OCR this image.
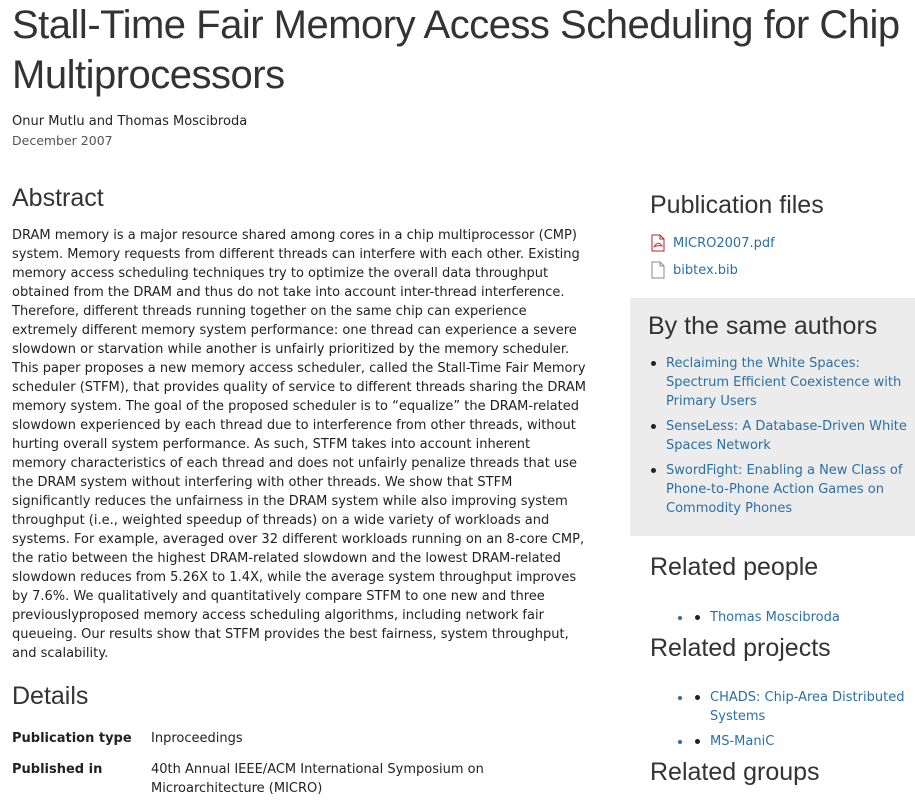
Stall-Time Fair Memory Access Scheduling for Chip Multiprocessors
Onur Mutlu and Thomas Moscibroda
December 2007
Abstract

DRAM memory is a major resource shared among cores in a chip multiprocessor (CMP) system. Memory requests from different threads can interfere with each other. Existing memory access scheduling techniques try to optimize the overall data throughput obtained from the DRAM and thus do not take into account inter-thread interference. Therefore, different threads running together on the same chip can experience extremely different memory system performance: one thread can experience a severe slowdown or starvation while another is unfairly prioritized by the memory scheduler. This paper proposes a new memory access scheduler, called the Stall-Time Fair Memory scheduler (STFM), that provides quality of service to different threads sharing the DRAM memory system. The goal of the proposed scheduler is to “equalize” the DRAM-related slowdown experienced by each thread due to interference from other threads, without hurting overall system performance. As such, STFM takes into account inherent memory characteristics of each thread and does not unfairly penalize threads that use the DRAM system without interfering with other threads. We show that STFM significantly reduces the unfairness in the DRAM system while also improving system throughput (i.e., weighted speedup of threads) on a wide variety of workloads and systems. For example, averaged over 32 different workloads running on an 8-core CMP, the ratio between the highest DRAM-related slowdown and the lowest DRAM-related slowdown reduces from 5.26X to 1.4X, while the average system throughput improves by 7.6%. We qualitatively and quantitatively compare STFM to one new and three previouslyproposed memory access scheduling algorithms, including network fair queueing. Our results show that STFM provides the best fairness, system throughput, and scalability.

Details
Publication type	Inproceedings
Published in	40th Annual IEEE/ACM International Symposium on Microarchitecture (MICRO)
Publication files
MICRO2007.pdf
bibtex.bib
By the same authors
Reclaiming the White Spaces: Spectrum Efficient Coexistence with Primary Users
SenseLess: A Database-Driven White Spaces Network
SwordFight: Enabling a New Class of Phone-to-Phone Action Games on Commodity Phones
Related people
• Thomas Moscibroda
Related projects
• CHADS: Chip-Area Distributed Systems
• MS-ManiC
Related groups
